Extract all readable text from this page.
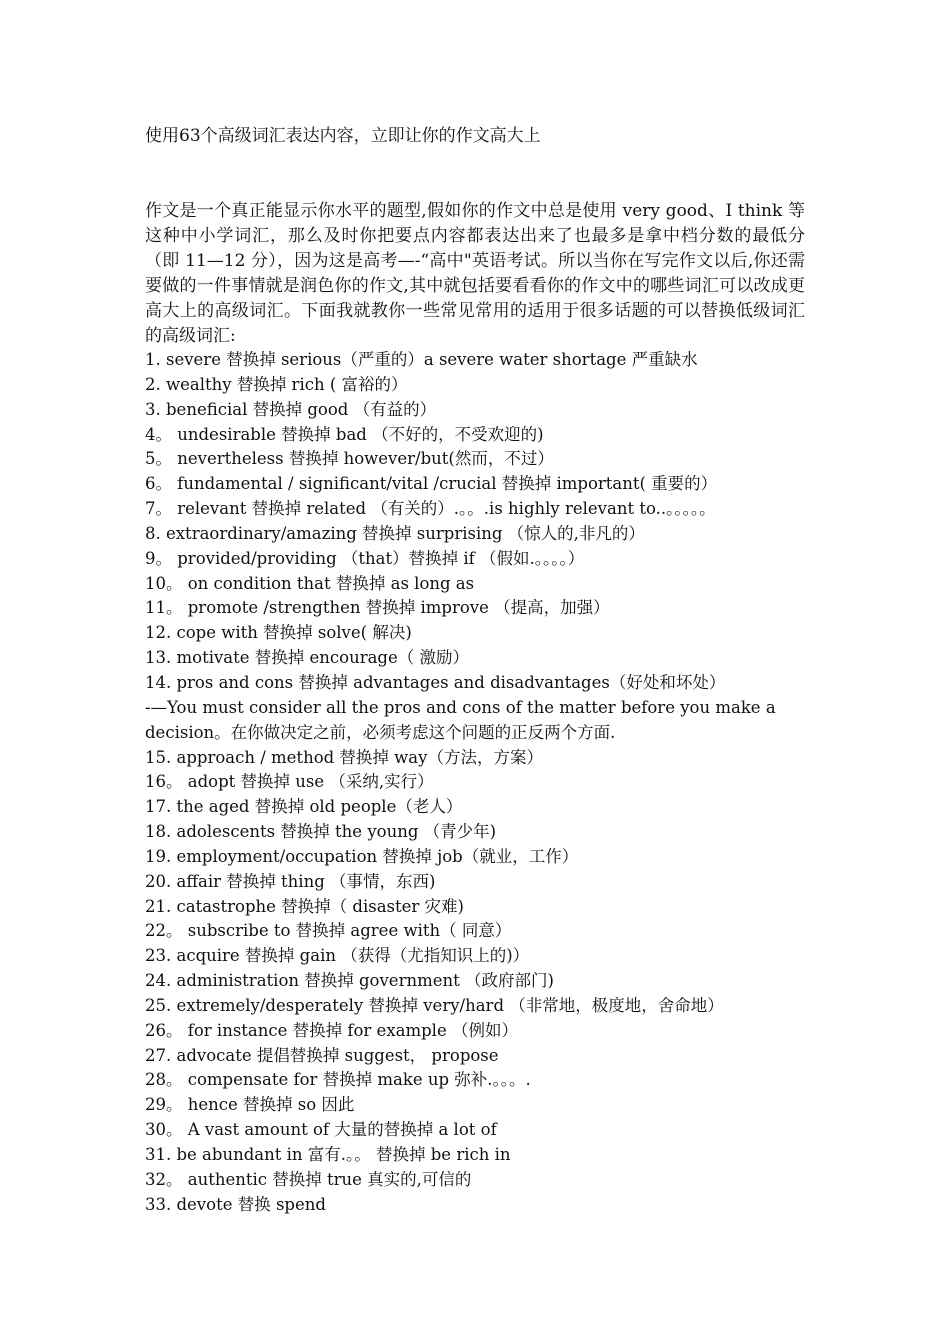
使用63个高级词汇表达内容，立即让你的作文高大上
作文是一个真正能显示你水平的题型,假如你的作文中总是使用 very good、I think 等这种中小学词汇，那么及时你把要点内容都表达出来了也最多是拿中档分数的最低分（即 11—12 分），因为这是高考—-“高中"英语考试。所以当你在写完作文以后,你还需要做的一件事情就是润色你的作文,其中就包括要看看你的作文中的哪些词汇可以改成更高大上的高级词汇。下面我就教你一些常见常用的适用于很多话题的可以替换低级词汇的高级词汇:
1. severe 替换掉 serious（严重的）a severe water shortage 严重缺水
2. wealthy 替换掉 rich ( 富裕的）
3. beneficial 替换掉 good （有益的）
4。 undesirable 替换掉 bad （不好的，不受欢迎的)
5。 nevertheless 替换掉 however/but(然而，不过）
6。 fundamental / significant/vital /crucial 替换掉 important( 重要的）
7。 relevant 替换掉 related （有关的）.。。.is highly relevant to..。。。。。
8. extraordinary/amazing 替换掉 surprising （惊人的,非凡的）
9。 provided/providing （that）替换掉 if （假如.。。。。）
10。 on condition that 替换掉 as long as
11。 promote /strengthen 替换掉 improve （提高，加强）
12. cope with 替换掉 solve( 解决)
13. motivate 替换掉 encourage（ 激励）
14. pros and cons 替换掉 advantages and disadvantages（好处和坏处）
-—You must consider all the pros and cons of the matter before you make a decision。在你做决定之前，必须考虑这个问题的正反两个方面.
15. approach / method 替换掉 way（方法，方案）
16。 adopt 替换掉 use （采纳,实行）
17. the aged 替换掉 old people（老人）
18. adolescents 替换掉 the young （青少年)
19. employment/occupation 替换掉 job（就业，工作）
20. affair 替换掉 thing （事情，东西)
21. catastrophe 替换掉（ disaster 灾难)
22。 subscribe to 替换掉 agree with（ 同意）
23. acquire 替换掉 gain （获得（尤指知识上的)）
24. administration 替换掉 government （政府部门)
25. extremely/desperately 替换掉 very/hard （非常地，极度地，舍命地）
26。 for instance 替换掉 for example （例如）
27. advocate 提倡替换掉 suggest， propose
28。 compensate for 替换掉 make up 弥补.。。。.
29。 hence 替换掉 so 因此
30。 A vast amount of 大量的替换掉 a lot of
31. be abundant in 富有.。。 替换掉 be rich in
32。 authentic 替换掉 true 真实的,可信的
33. devote 替换 spend
